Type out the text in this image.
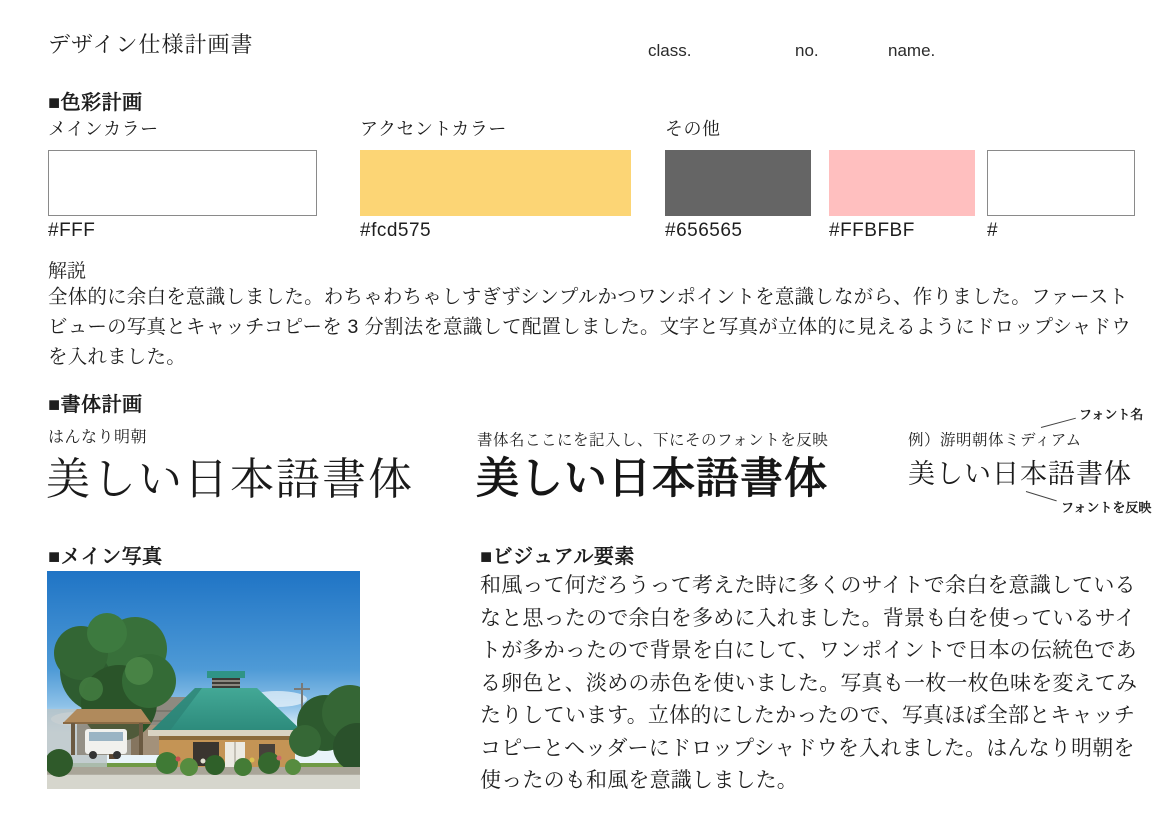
デザイン仕様計画書	class.	no.	name.
■色彩計画
メインカラー	アクセントカラー	その他
#FFF	#fcd575	#656565	#FFBFBF	#
解説
全体的に余白を意識しました。わちゃわちゃしすぎずシンプルかつワンポイントを意識しながら、作りました。ファーストビューの写真とキャッチコピーを 3 分割法を意識して配置しました。文字と写真が立体的に見えるようにドロップシャドウを入れました。
■書体計画
はんなり明朝
美しい日本語書体
書体名ここにを記入し、下にそのフォントを反映
美しい日本語書体
フォント名
例）游明朝体ミディアム
美しい日本語書体
フォントを反映
■メイン写真	■ビジュアル要素
和風って何だろうって考えた時に多くのサイトで余白を意識しているなと思ったので余白を多めに入れました。背景も白を使っているサイトが多かったので背景を白にして、ワンポイントで日本の伝統色である卵色と、淡めの赤色を使いました。写真も一枚一枚色味を変えてみたりしています。立体的にしたかったので、写真ほぼ全部とキャッチコピーとヘッダーにドロップシャドウを入れました。はんなり明朝を使ったのも和風を意識しました。
